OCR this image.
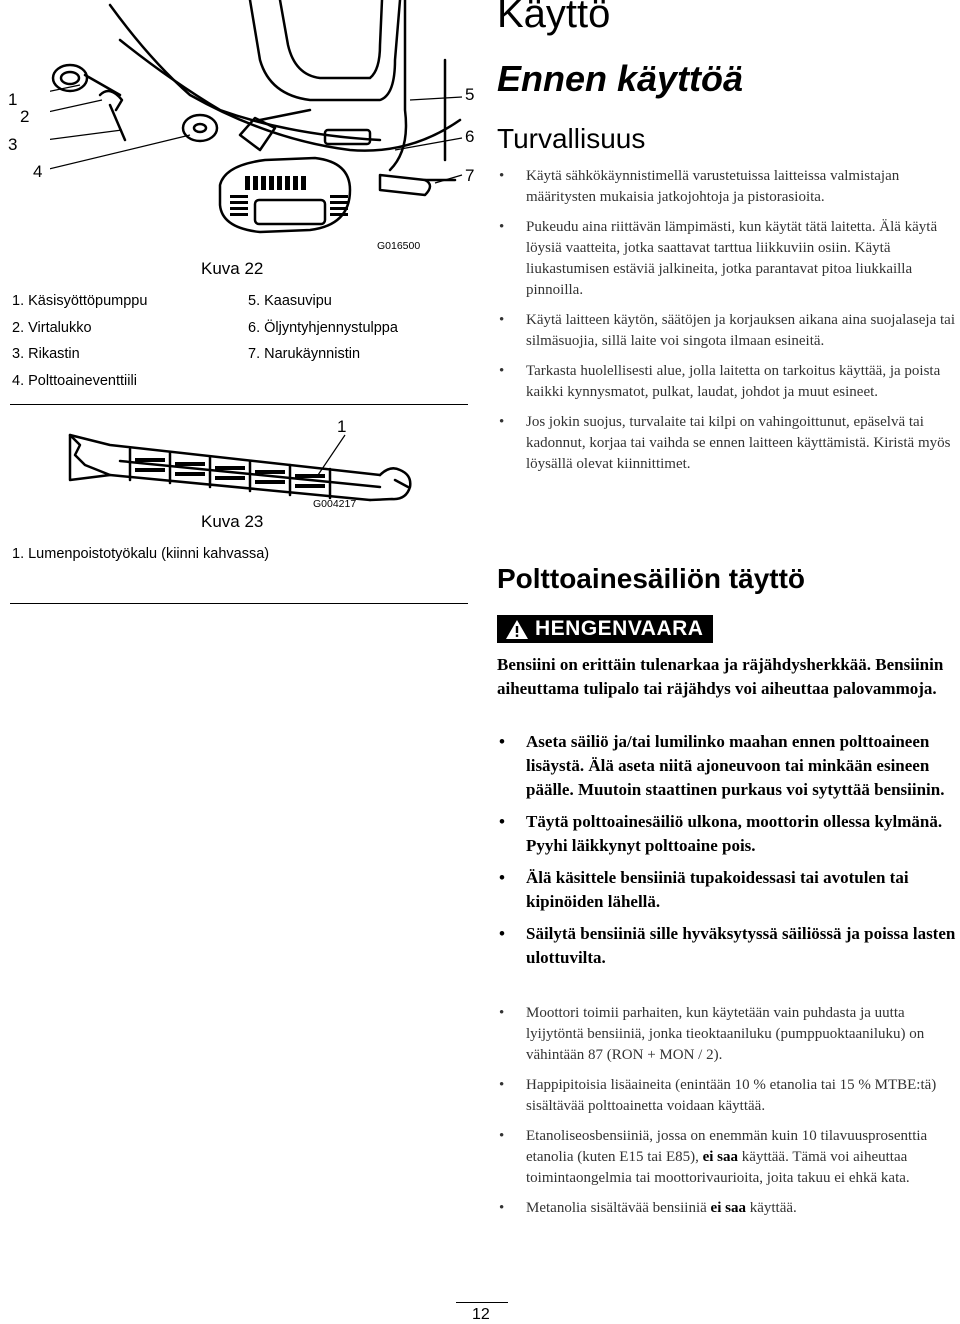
1
2
3
4
5
6
7
G016500
Kuva 22
1. Käsisyöttöpumppu
2. Virtalukko
3. Rikastin
4. Polttoaineventtiili
5. Kaasuvipu
6. Öljyntyhjennystulppa
7. Narukäynnistin
1
G004217
Kuva 23
1. Lumenpoistotyökalu (kiinni kahvassa)
Käyttö
Ennen käyttöä
Turvallisuus
• Käytä sähkökäynnistimellä varustetuissa laitteissa valmistajan määritysten mukaisia jatkojohtoja ja pistorasioita.
• Pukeudu aina riittävän lämpimästi, kun käytät tätä laitetta. Älä käytä löysiä vaatteita, jotka saattavat tarttua liikkuviin osiin. Käytä liukastumisen estäviä jalkineita, jotka parantavat pitoa liukkailla pinnoilla.
• Käytä laitteen käytön, säätöjen ja korjauksen aikana aina suojalaseja tai silmäsuojia, sillä laite voi singota ilmaan esineitä.
• Tarkasta huolellisesti alue, jolla laitetta on tarkoitus käyttää, ja poista kaikki kynnysmatot, pulkat, laudat, johdot ja muut esineet.
• Jos jokin suojus, turvalaite tai kilpi on vahingoittunut, epäselvä tai kadonnut, korjaa tai vaihda se ennen laitteen käyttämistä. Kiristä myös löysällä olevat kiinnittimet.
Polttoainesäiliön täyttö
HENGENVAARA
Bensiini on erittäin tulenarkaa ja räjähdysherkkää. Bensiinin aiheuttama tulipalo tai räjähdys voi aiheuttaa palovammoja.
• Aseta säiliö ja/tai lumilinko maahan ennen polttoaineen lisäystä. Älä aseta niitä ajoneuvoon tai minkään esineen päälle. Muutoin staattinen purkaus voi sytyttää bensiinin.
• Täytä polttoainesäiliö ulkona, moottorin ollessa kylmänä. Pyyhi läikkynyt polttoaine pois.
• Älä käsittele bensiiniä tupakoidessasi tai avotulen tai kipinöiden lähellä.
• Säilytä bensiiniä sille hyväksytyssä säiliössä ja poissa lasten ulottuvilta.
• Moottori toimii parhaiten, kun käytetään vain puhdasta ja uutta lyijytöntä bensiiniä, jonka tieoktaaniluku (pumppuoktaaniluku) on vähintään 87 (RON + MON / 2).
• Happipitoisia lisäaineita (enintään 10 % etanolia tai 15 % MTBE:tä) sisältävää polttoainetta voidaan käyttää.
• Etanoliseosbensiiniä, jossa on enemmän kuin 10 tilavuusprosenttia etanolia (kuten E15 tai E85), ei saa käyttää. Tämä voi aiheuttaa toimintaongelmia tai moottorivaurioita, joita takuu ei ehkä kata.
• Metanolia sisältävää bensiiniä ei saa käyttää.
12
